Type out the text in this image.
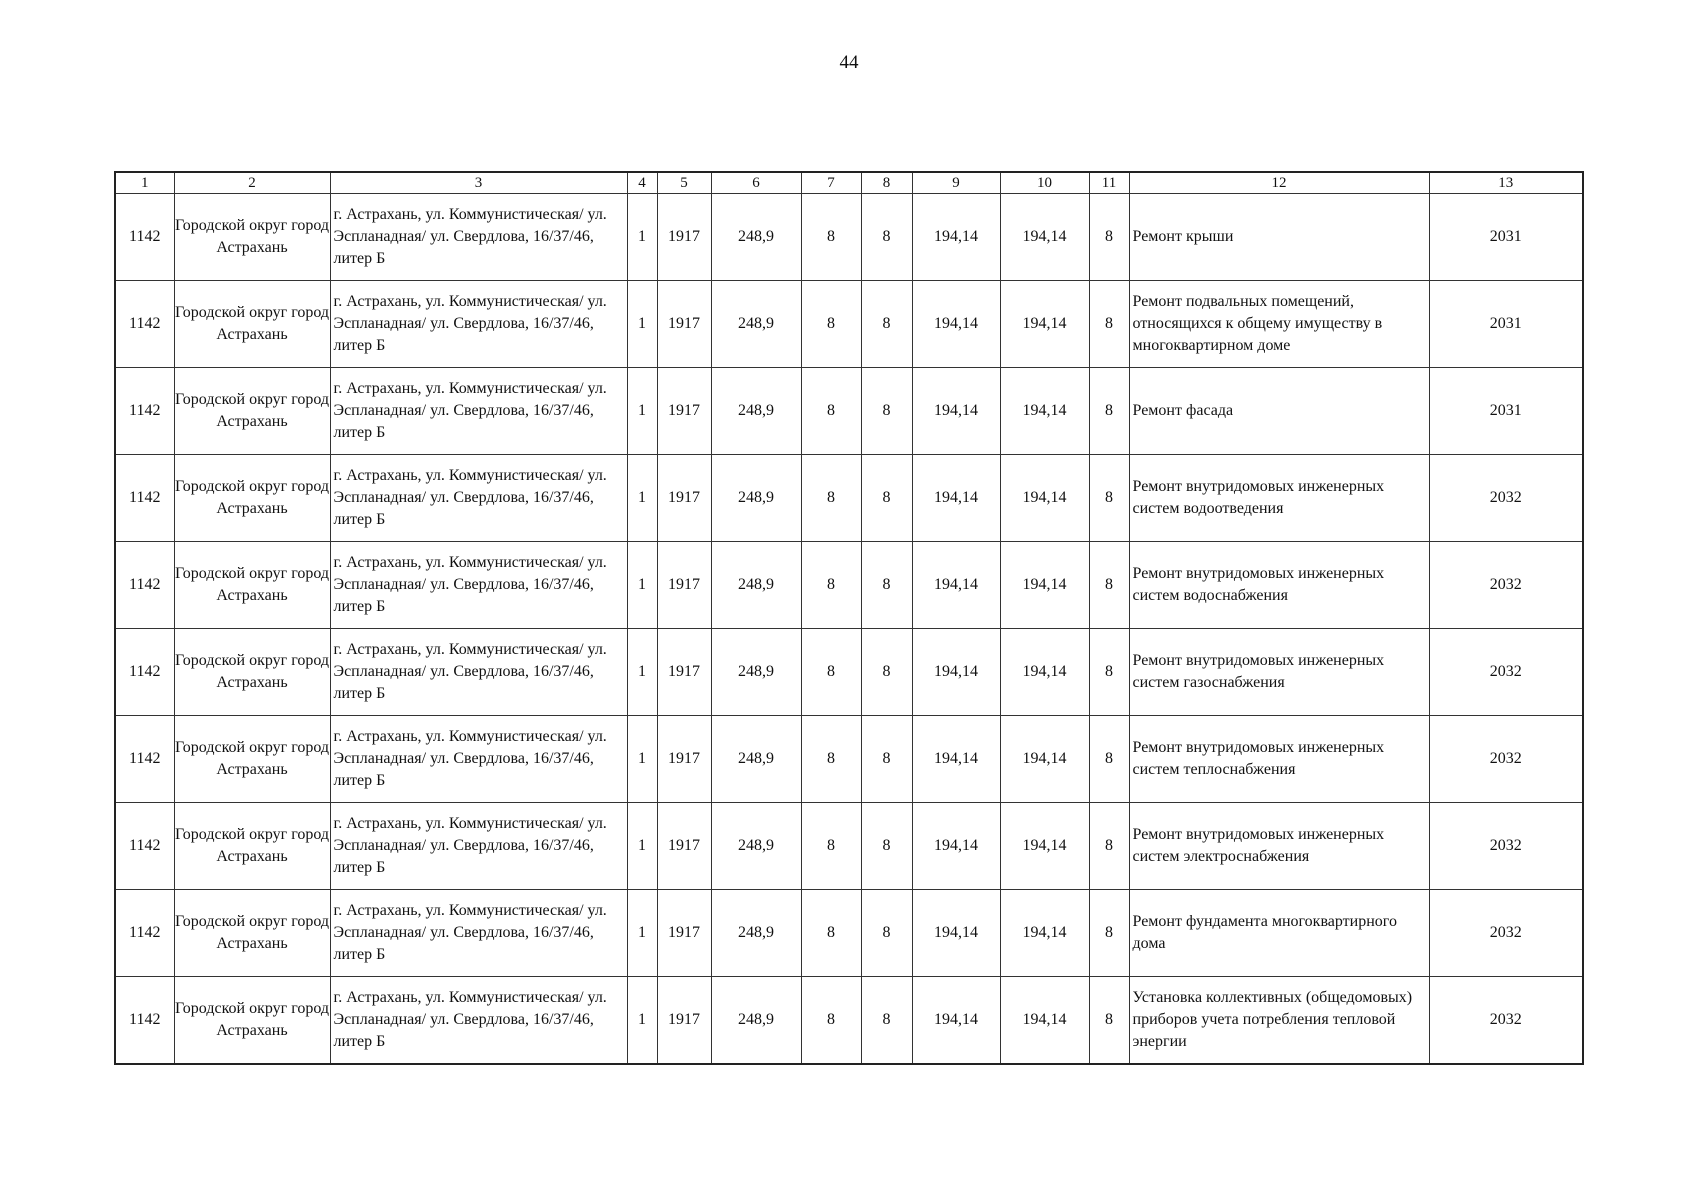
44
1	2	3	4	5	6	7	8	9	10	11	12	13

1142	Городской округ город Астрахань	г. Астрахань, ул. Коммунистическая/ ул. Эспланадная/ ул. Свердлова, 16/37/46, литер Б	1	1917	248,9	8	8	194,14	194,14	8	Ремонт крыши	2031

1142	Городской округ город Астрахань	г. Астрахань, ул. Коммунистическая/ ул. Эспланадная/ ул. Свердлова, 16/37/46, литер Б	1	1917	248,9	8	8	194,14	194,14	8	Ремонт подвальных помещений, относящихся к общему имуществу в многоквартирном доме	2031

1142	Городской округ город Астрахань	г. Астрахань, ул. Коммунистическая/ ул. Эспланадная/ ул. Свердлова, 16/37/46, литер Б	1	1917	248,9	8	8	194,14	194,14	8	Ремонт фасада	2031

1142	Городской округ город Астрахань	г. Астрахань, ул. Коммунистическая/ ул. Эспланадная/ ул. Свердлова, 16/37/46, литер Б	1	1917	248,9	8	8	194,14	194,14	8	Ремонт внутридомовых инженерных систем водоотведения	2032

1142	Городской округ город Астрахань	г. Астрахань, ул. Коммунистическая/ ул. Эспланадная/ ул. Свердлова, 16/37/46, литер Б	1	1917	248,9	8	8	194,14	194,14	8	Ремонт внутридомовых инженерных систем водоснабжения	2032

1142	Городской округ город Астрахань	г. Астрахань, ул. Коммунистическая/ ул. Эспланадная/ ул. Свердлова, 16/37/46, литер Б	1	1917	248,9	8	8	194,14	194,14	8	Ремонт внутридомовых инженерных систем газоснабжения	2032

1142	Городской округ город Астрахань	г. Астрахань, ул. Коммунистическая/ ул. Эспланадная/ ул. Свердлова, 16/37/46, литер Б	1	1917	248,9	8	8	194,14	194,14	8	Ремонт внутридомовых инженерных систем теплоснабжения	2032

1142	Городской округ город Астрахань	г. Астрахань, ул. Коммунистическая/ ул. Эспланадная/ ул. Свердлова, 16/37/46, литер Б	1	1917	248,9	8	8	194,14	194,14	8	Ремонт внутридомовых инженерных систем электроснабжения	2032

1142	Городской округ город Астрахань	г. Астрахань, ул. Коммунистическая/ ул. Эспланадная/ ул. Свердлова, 16/37/46, литер Б	1	1917	248,9	8	8	194,14	194,14	8	Ремонт фундамента многоквартирного дома	2032

1142	Городской округ город Астрахань	г. Астрахань, ул. Коммунистическая/ ул. Эспланадная/ ул. Свердлова, 16/37/46, литер Б	1	1917	248,9	8	8	194,14	194,14	8	Установка коллективных (общедомовых) приборов учета потребления тепловой энергии	2032
